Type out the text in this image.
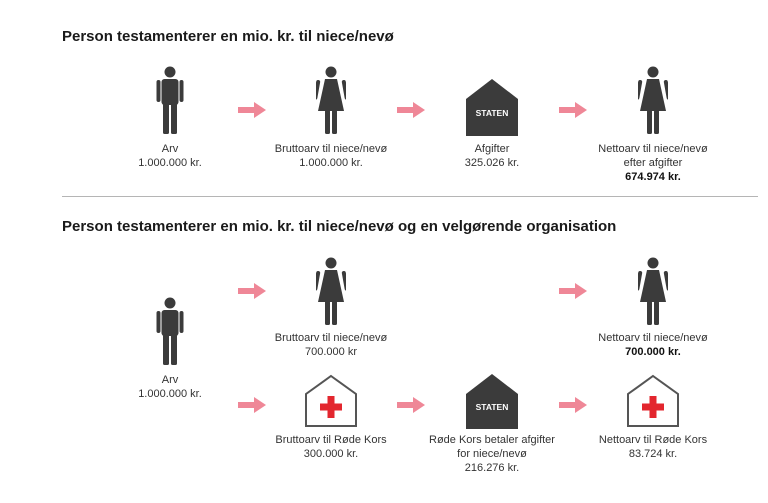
Person testamenterer en mio. kr. til niece/nevø
Arv
1.000.000 kr.
Bruttoarv til niece/nevø
1.000.000 kr.
STATEN
Afgifter
325.026 kr.
Nettoarv til niece/nevø
efter afgifter
674.974 kr.
Person testamenterer en mio. kr. til niece/nevø og en velgørende organisation
Arv
1.000.000 kr.
Bruttoarv til niece/nevø
700.000 kr
Nettoarv til niece/nevø
700.000 kr.
Bruttoarv til Røde Kors
300.000 kr.
STATEN
Røde Kors betaler afgifter
for niece/nevø
216.276 kr.
Nettoarv til Røde Kors
83.724 kr.
